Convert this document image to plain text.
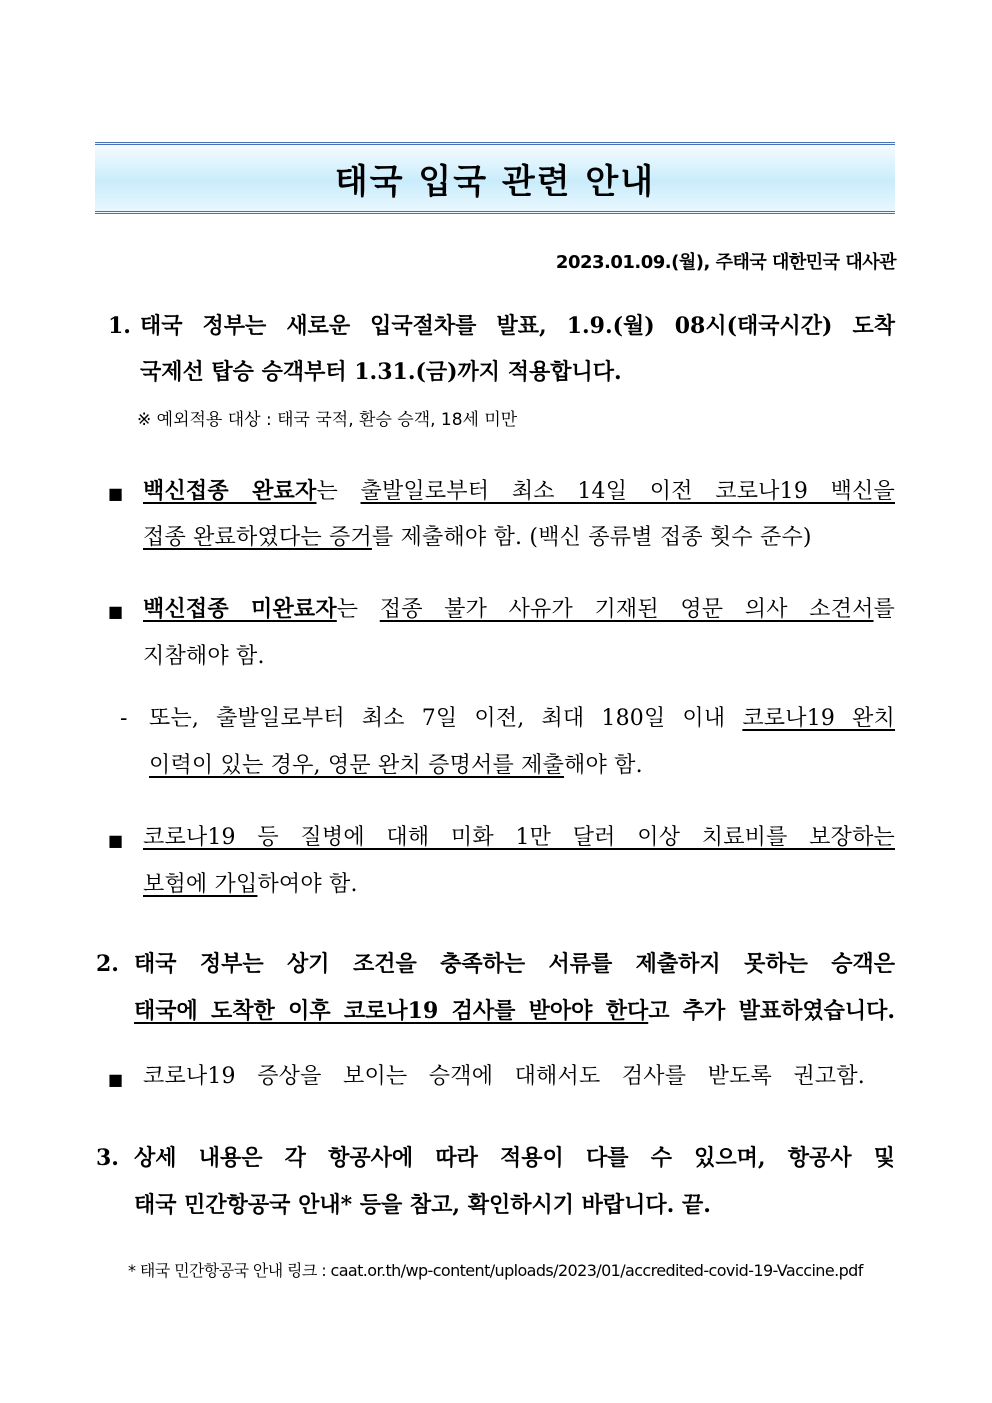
태국 입국 관련 안내
2023.01.09.(월), 주태국 대한민국 대사관
1. 태국 정부는 새로운 입국절차를 발표, 1.9.(월) 08시(태국시간) 도착
국제선 탑승 승객부터 1.31.(금)까지 적용합니다.
※ 예외적용 대상 : 태국 국적, 환승 승객, 18세 미만
■ 백신접종 완료자는 출발일로부터 최소 14일 이전 코로나19 백신을
접종 완료하였다는 증거를 제출해야 함. (백신 종류별 접종 횟수 준수)
■ 백신접종 미완료자는 접종 불가 사유가 기재된 영문 의사 소견서를
지참해야 함.
- 또는, 출발일로부터 최소 7일 이전, 최대 180일 이내 코로나19 완치
이력이 있는 경우, 영문 완치 증명서를 제출해야 함.
■ 코로나19 등 질병에 대해 미화 1만 달러 이상 치료비를 보장하는
보험에 가입하여야 함.
2. 태국 정부는 상기 조건을 충족하는 서류를 제출하지 못하는 승객은
태국에 도착한 이후 코로나19 검사를 받아야 한다고 추가 발표하였습니다.
■ 코로나19 증상을 보이는 승객에 대해서도 검사를 받도록 권고함.
3. 상세 내용은 각 항공사에 따라 적용이 다를 수 있으며, 항공사 및
태국 민간항공국 안내* 등을 참고, 확인하시기 바랍니다. 끝.
* 태국 민간항공국 안내 링크 : caat.or.th/wp-content/uploads/2023/01/accredited-covid-19-Vaccine.pdf
